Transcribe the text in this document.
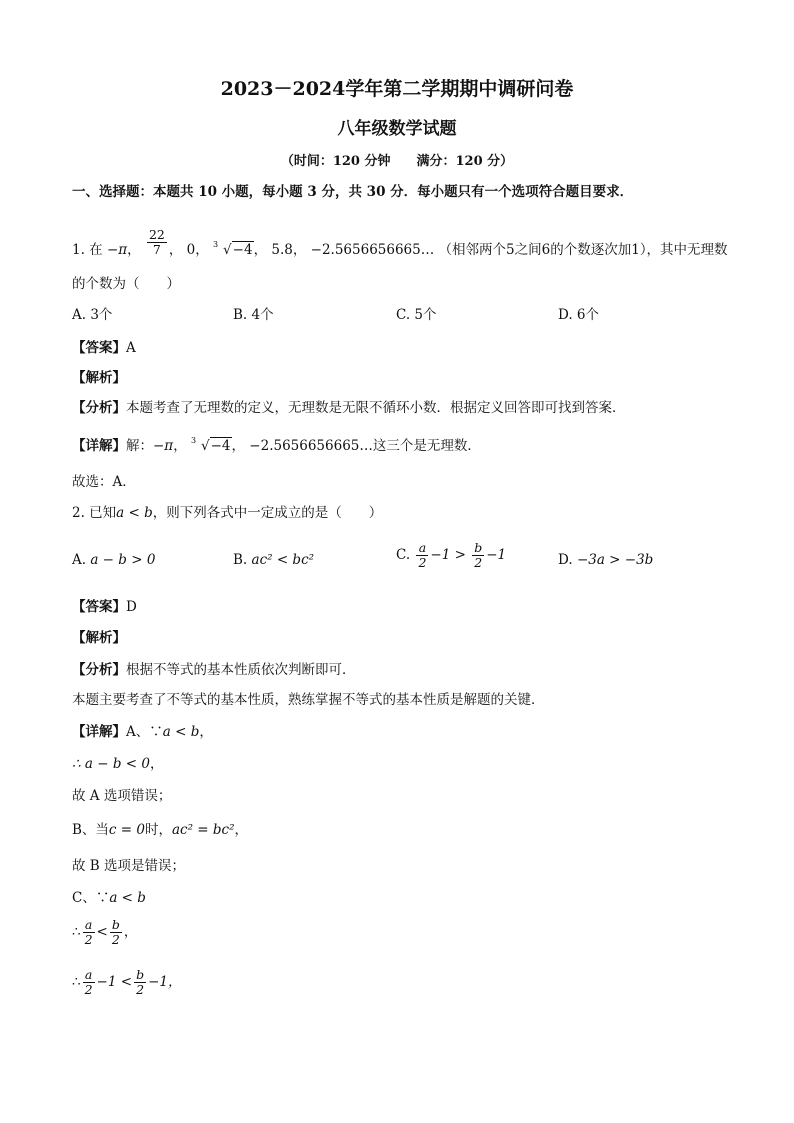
2023－2024学年第二学期期中调研问卷
八年级数学试题
（时间：120 分钟　　满分：120 分）
一、选择题：本题共 10 小题，每小题 3 分，共 30 分．每小题只有一个选项符合题目要求．
1. 在 −π， $\frac{22}{7}$ ， 0， 3 √−4， 5.8， −2.5656656665… （相邻两个5之间6的个数逐次加1），其中无理数
的个数为（　　）
A. 3个	B. 4个	C. 5个	D. 6个
【答案】A
【解析】
【分析】本题考查了无理数的定义，无理数是无限不循环小数．根据定义回答即可找到答案．
【详解】解：−π， 3 √−4， −2.5656656665…这三个是无理数．
故选：A．
2. 已知a < b，则下列各式中一定成立的是（　　）
A. a − b > 0	B. ac² < bc²	C. $\frac{a}{2} -1 > \frac{b}{2} -1$	D. −3a > −3b
【答案】D
【解析】
【分析】根据不等式的基本性质依次判断即可．
本题主要考查了不等式的基本性质，熟练掌握不等式的基本性质是解题的关键．
【详解】A、∵a < b，
∴ a − b < 0，
故 A 选项错误；
B、当c = 0时，ac² = bc²，
故 B 选项是错误；
C、∵a < b
∴ $\frac{a}{2} < \frac{b}{2}$ ，
∴ $\frac{a}{2} -1 < \frac{b}{2} -1$，
